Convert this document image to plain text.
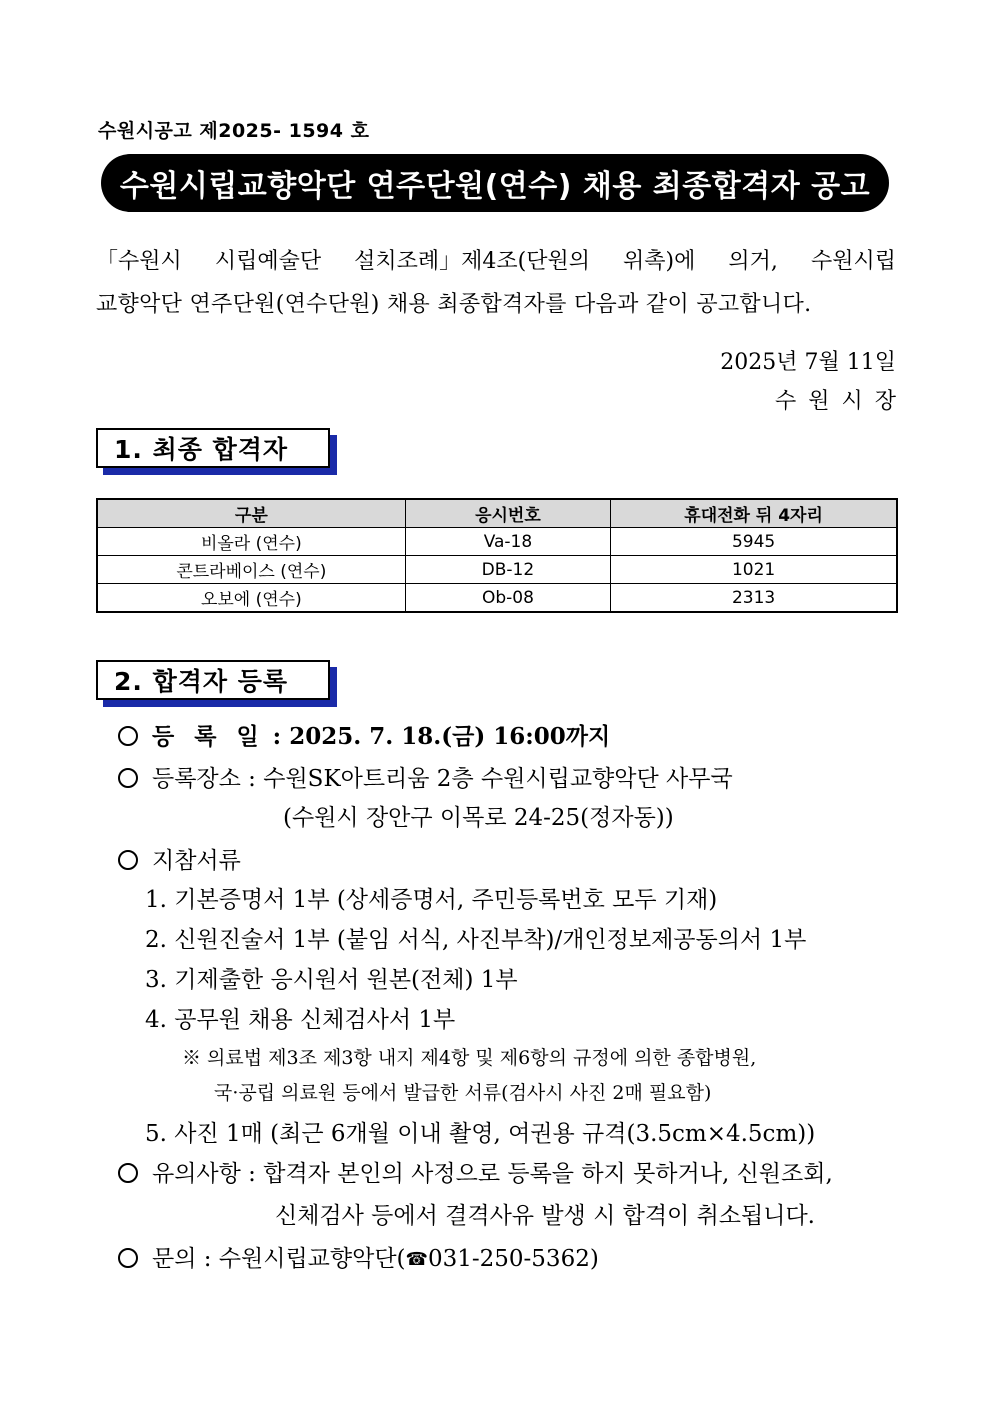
수원시공고 제2025- 1594 호
수원시립교향악단 연주단원(연수) 채용 최종합격자 공고
「수원시 시립예술단 설치조례」제4조(단원의 위촉)에 의거, 수원시립
교향악단 연주단원(연수단원) 채용 최종합격자를 다음과 같이 공고합니다.
2025년 7월 11일
수원시장
1. 최종 합격자
구분	응시번호	휴대전화 뒤 4자리
비올라 (연수)	Va-18	5945
콘트라베이스 (연수)	DB-12	1021
오보에 (연수)	Ob-08	2313
2. 합격자 등록
등 록 일 : 2025. 7. 18.(금) 16:00까지
등록장소 : 수원SK아트리움 2층 수원시립교향악단 사무국
(수원시 장안구 이목로 24-25(정자동))
지참서류
1. 기본증명서 1부 (상세증명서, 주민등록번호 모두 기재)
2. 신원진술서 1부 (붙임 서식, 사진부착)/개인정보제공동의서 1부
3. 기제출한 응시원서 원본(전체) 1부
4. 공무원 채용 신체검사서 1부
※ 의료법 제3조 제3항 내지 제4항 및 제6항의 규정에 의한 종합병원,
국·공립 의료원 등에서 발급한 서류(검사시 사진 2매 필요함)
5. 사진 1매 (최근 6개월 이내 촬영, 여권용 규격(3.5cm×4.5cm))
유의사항 : 합격자 본인의 사정으로 등록을 하지 못하거나, 신원조회,
신체검사 등에서 결격사유 발생 시 합격이 취소됩니다.
문의 : 수원시립교향악단(☎031-250-5362)
